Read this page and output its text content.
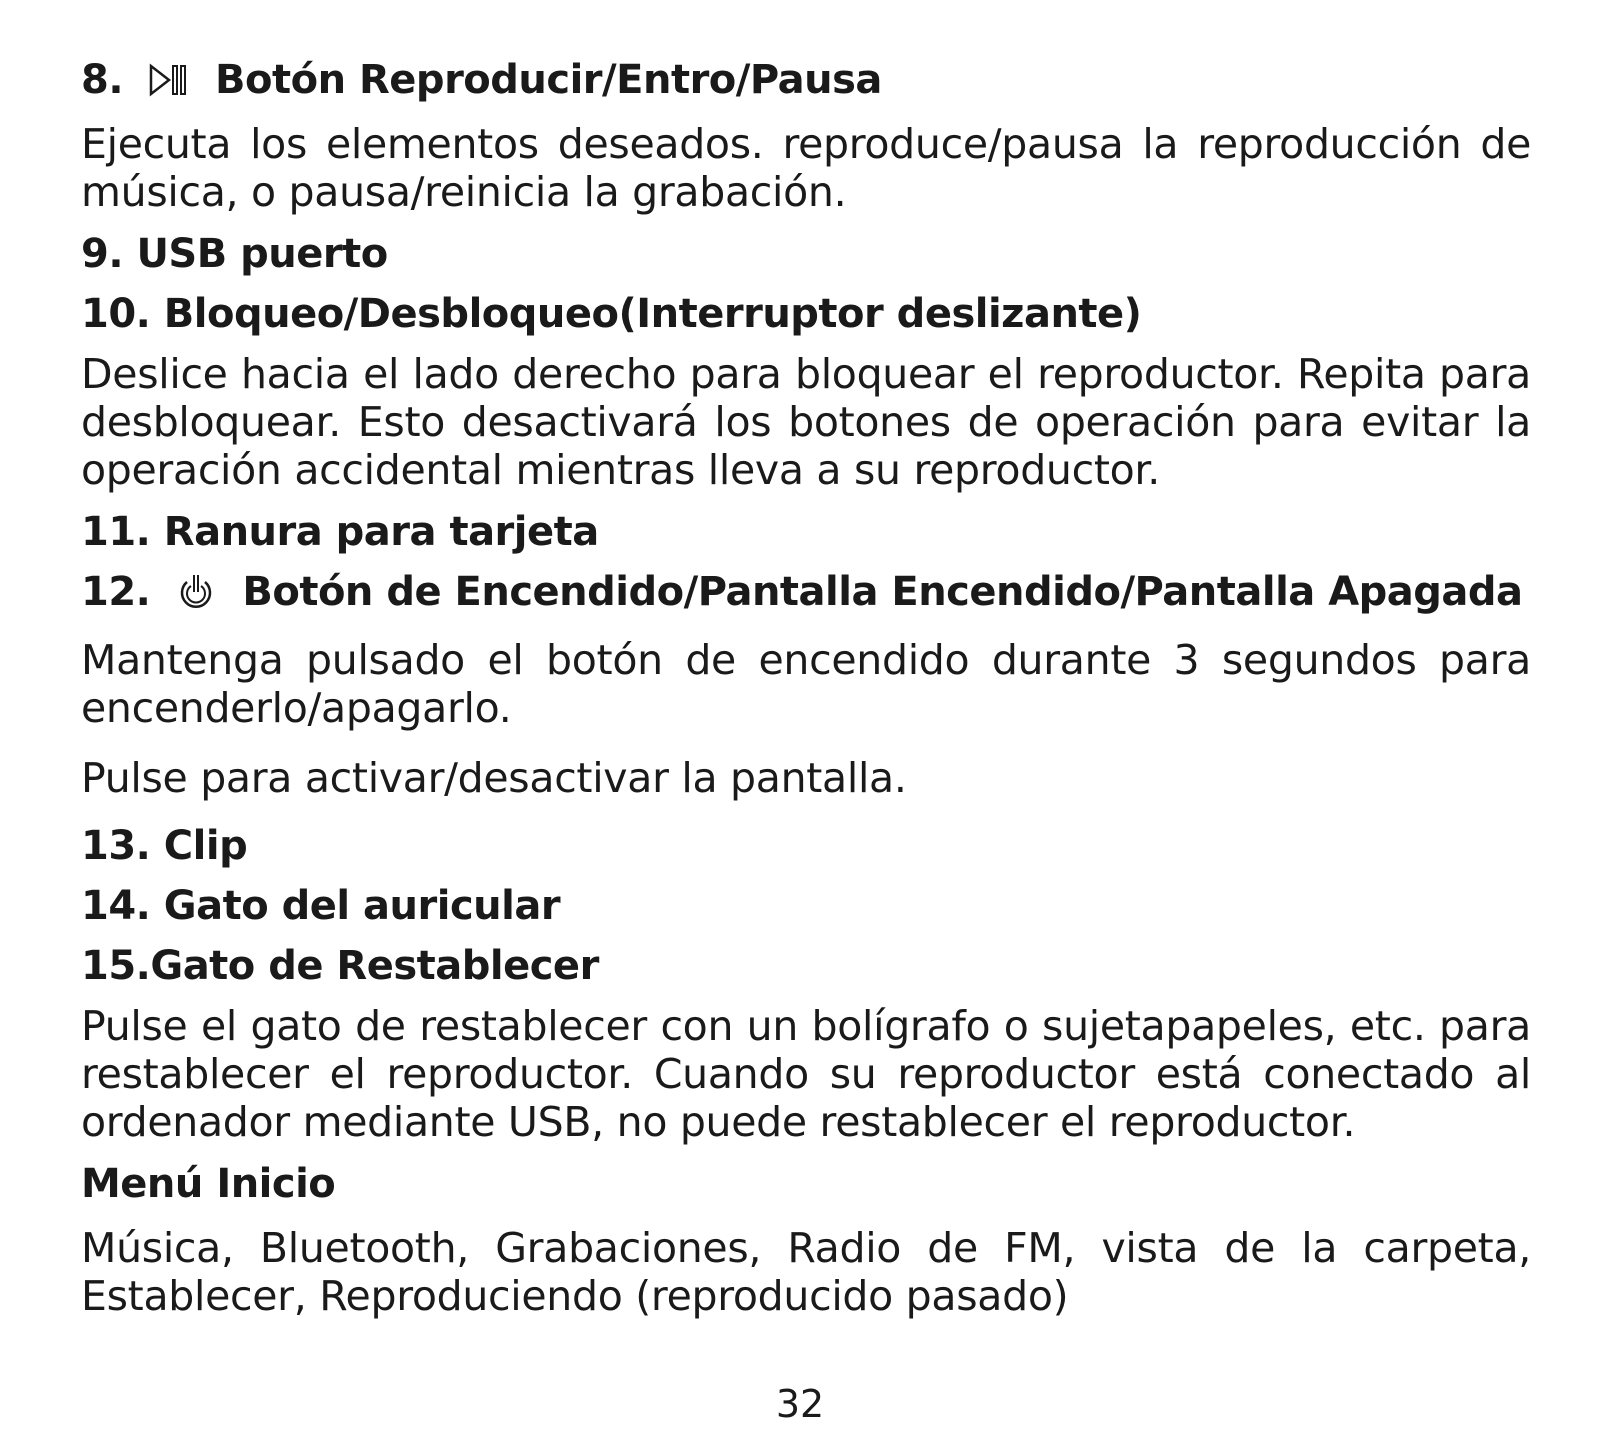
8. Botón Reproducir/Entro/Pausa

Ejecuta los elementos deseados. reproduce/pausa la reproducción de música, o pausa/reinicia la grabación.

9. USB puerto
10. Bloqueo/Desbloqueo(Interruptor deslizante)

Deslice hacia el lado derecho para bloquear el reproductor. Repita para desbloquear. Esto desactivará los botones de operación para evitar la operación accidental mientras lleva a su reproductor.

11. Ranura para tarjeta
12. Botón de Encendido/Pantalla Encendido/Pantalla Apagada

Mantenga pulsado el botón de encendido durante 3 segundos para encenderlo/apagarlo.

Pulse para activar/desactivar la pantalla.

13. Clip
14. Gato del auricular
15.Gato de Restablecer

Pulse el gato de restablecer con un bolígrafo o sujetapapeles, etc. para restablecer el reproductor. Cuando su reproductor está conectado al ordenador mediante USB, no puede restablecer el reproductor.

Menú Inicio

Música, Bluetooth, Grabaciones, Radio de FM, vista de la carpeta, Establecer, Reproduciendo (reproducido pasado)

32
